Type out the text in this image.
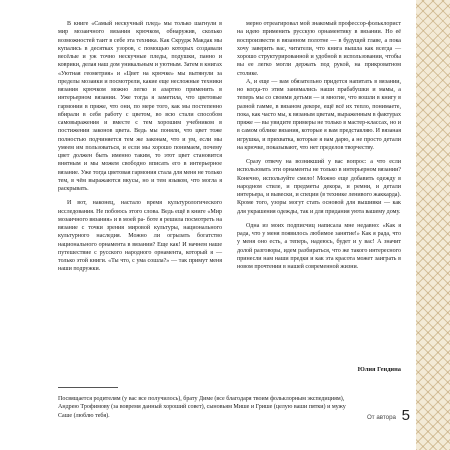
В книге «Самый нескучный плед» мы только шагнули в мир мозаичного вязания крючком, обнаружив, сколько возможностей таит в себе эта техника. Как Скрудж Макдак мы купались в десятках узоров, с помощью которых создавали весёлые и уж точно нескучные пледы, подушки, панно и коврики, делая наш дом уникальным и уютным. Затем в книгах «Уютная геометрия» и «Цвет на крючке» мы вытянули за пределы мозаики и посмотрели, какие еще несложные техники вязания крючком можно легко и азартно применить в интерьерном вязании. Уже тогда я заметила, что цветовые гармонии в пряже, что они, по мере того, как мы постепенно вбирали в себя работу с цветом, во всю стали способом самовыражения и вместе с тем хорошим учебником в постижении законов цвета. Ведь мы поняли, что цвет тоже полностью подчиняется тем же законам, что и ум, если мы умеем им пользоваться, и если мы хорошо понимаем, почему цвет должен быть именно таким, то этот цвет становится внятным и мы можем свободно вписать его в интерьерное вязание. Уже тогда цветовая гармония стала для меня не только тем, в чём выражаются вкусы, но и тем языком, что могла я раскрывать.

И вот, наконец, настало время культурологического исследования. Не побоюсь этого слова. Ведь ещё в книге «Мир мозаичного вязания» и в моей ра- боте я решила посмотреть на вязание с точки зрения мировой культуры, национального культурного наследия. Можно ли огрызать богатство национального орнамента в вязании? Еще как! И начнем наше путешествие с русского народного орнамента, который я — только этой книги. «Ты что, с ума сошла?» — так примут меня наши подружки.

мерно отреагировал мой знакомый профессор-фольклорист на идею применить русскую орнаментику в вязании. Но её воспроизвести в вязанном полотне — в будущей главе, а пока хочу заверить вас, читатели, что книга вышла как всегда — хорошо структурированной и удобной в использовании, чтобы вы ее легко могли держать под рукой, на прикроватном столике.

А, и еще — вам обязательно придется напитать в вязании, но когда-то этим занимались наши прабабушки и мамы, а теперь мы со своими детьми — и многие, что вошли в книгу в разной гамме, в вязаном декоре, ещё всё их тепло, понимаете, пока, как часто мы, к вязаным цветам, выраженным в фактурах пряже — вы увидите примеры не только в мастер-классах, но и в самом облике вязания, которые я вам представляю. И вязаная игрушка, и прихватка, которые я вам дарю, а не просто детали на крючке, показывают, что нет пределов творчеству.

Сразу отвечу на возникший у вас вопрос: а что если использовать эти орнаменты не только в интерьерном вязании? Конечно, используйте смело! Можно еще добавить одежду в народном стиле, и предметы декора, и ремни, и детали интерьера, и вывески, и специи (в технике ленивого жаккарда). Кроме того, узоры могут стать основой для вышивки — как для украшения одежды, так и для придания уюта вашему дому.

Одна из моих подписчиц написала мне недавно: «Как я рада, что у меня появилось любимое занятие!» Как я рада, что у меня оно есть, а теперь, надеюсь, будет и у вас! А значит долой разговоры, идем разбираться, что же такого интересного принесли нам наши предки и как эта красота может заиграть в новом прочтении в нашей современной жизни.

Юлия Гендина
Посвящается родителям (у вас все получилось), брату Диме (все благодаря твоим фольклорным экспедициям), Андрею Трофимову (за вовремя данный хороший совет), сыновьям Мише и Грише (целую ваши пятки) и мужу Саше (люблю тебя).	От автора 5
